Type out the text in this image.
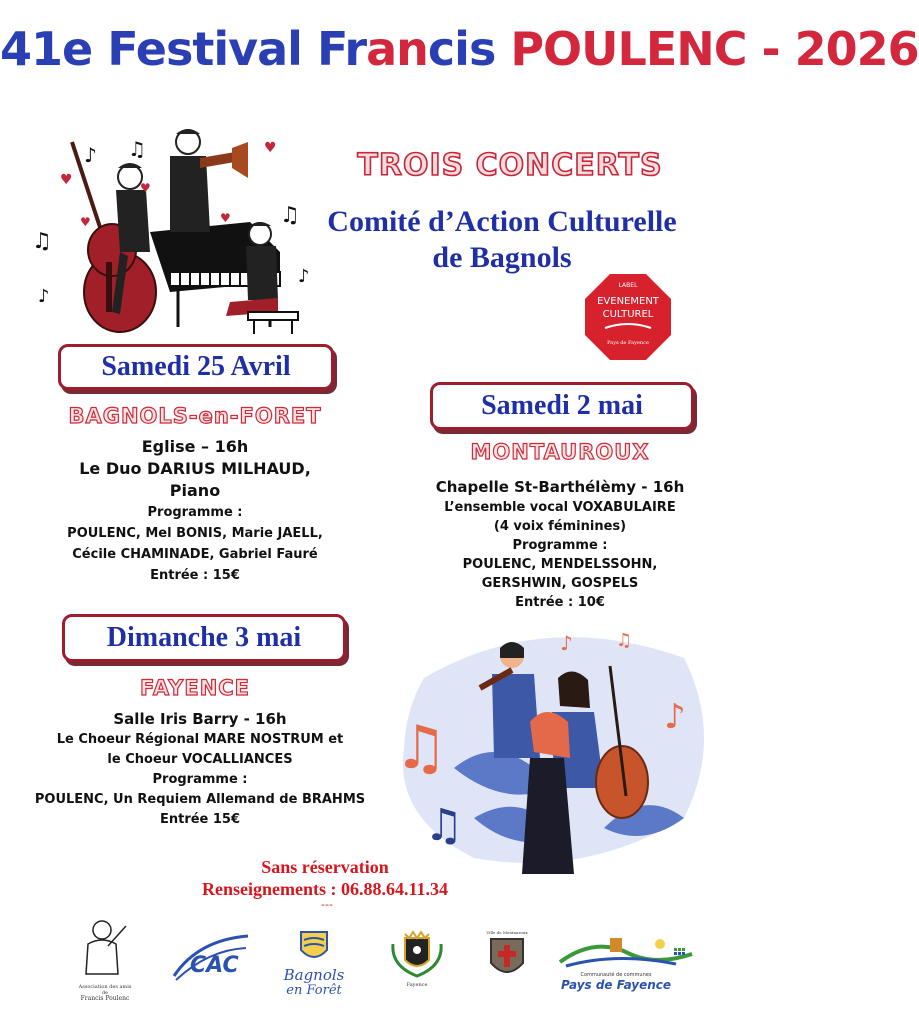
41e Festival Francis POULENC - 2026
♫
♪ ♫
♫
♪
♪
♥
♥
♥
♥
♥
TROIS CONCERTS
Comité d’Action Culturelle
de Bagnols
LABEL
EVENEMENT
CULTUREL
Pays de Fayence
Samedi 25 Avril
BAGNOLS-en-FORET
Eglise – 16h
Le Duo DARIUS MILHAUD,
Piano
Programme :
POULENC, Mel BONIS, Marie JAELL,
Cécile CHAMINADE, Gabriel Fauré
Entrée : 15€
Samedi 2 mai
MONTAUROUX
Chapelle St-Barthélèmy - 16h
L’ensemble vocal VOXABULAIRE
(4 voix féminines)
Programme :
POULENC, MENDELSSOHN,
GERSHWIN, GOSPELS
Entrée : 10€
Dimanche 3 mai
FAYENCE
Salle Iris Barry - 16h
Le Choeur Régional MARE NOSTRUM et
le Choeur VOCALLIANCES
Programme :
POULENC, Un Requiem Allemand de BRAHMS
Entrée 15€
♫	♪
♫
♪ ♫
Sans réservation
Renseignements : 06.88.64.11.34
---
Association des amis de
Francis Poulenc
CAC	Bagnols
en Forêt	Fayence
Ville de Montauroux
Communauté de communes
Pays de Fayence
